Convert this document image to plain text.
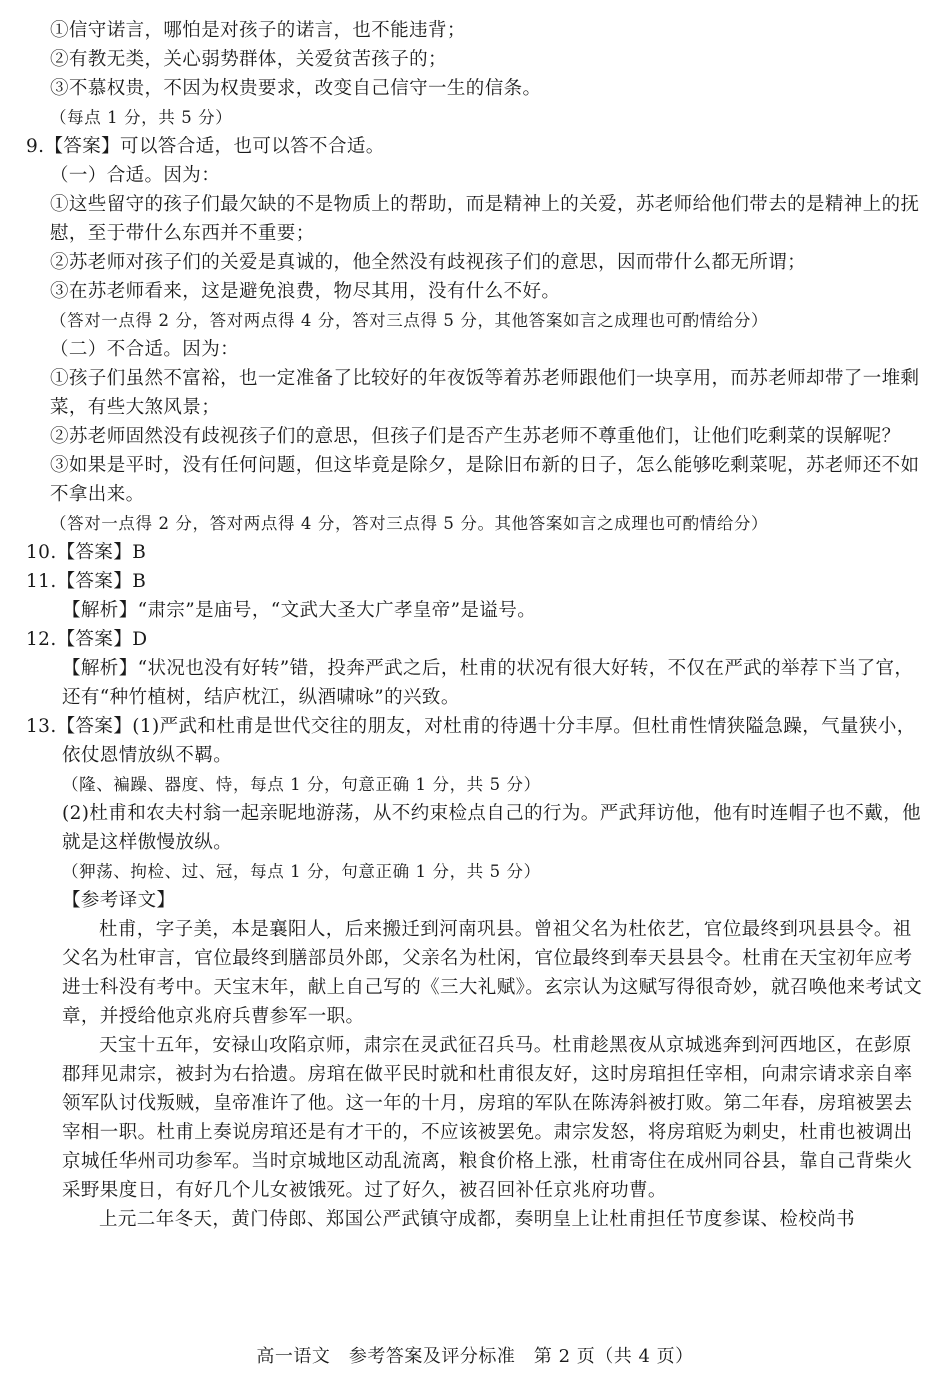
①信守诺言，哪怕是对孩子的诺言，也不能违背；

②有教无类，关心弱势群体，关爱贫苦孩子的；

③不慕权贵，不因为权贵要求，改变自己信守一生的信条。

（每点 1 分，共 5 分）

9.【答案】可以答合适，也可以答不合适。

（一）合适。因为：

①这些留守的孩子们最欠缺的不是物质上的帮助，而是精神上的关爱，苏老师给他们带去的是精神上的抚慰，至于带什么东西并不重要；

②苏老师对孩子们的关爱是真诚的，他全然没有歧视孩子们的意思，因而带什么都无所谓；

③在苏老师看来，这是避免浪费，物尽其用，没有什么不好。

（答对一点得 2 分，答对两点得 4 分，答对三点得 5 分，其他答案如言之成理也可酌情给分）

（二）不合适。因为：

①孩子们虽然不富裕，也一定准备了比较好的年夜饭等着苏老师跟他们一块享用，而苏老师却带了一堆剩菜，有些大煞风景；

②苏老师固然没有歧视孩子们的意思，但孩子们是否产生苏老师不尊重他们，让他们吃剩菜的误解呢？

③如果是平时，没有任何问题，但这毕竟是除夕，是除旧布新的日子，怎么能够吃剩菜呢，苏老师还不如不拿出来。

（答对一点得 2 分，答对两点得 4 分，答对三点得 5 分。其他答案如言之成理也可酌情给分）

10.【答案】B

11.【答案】B

【解析】“肃宗”是庙号，“文武大圣大广孝皇帝”是谥号。

12.【答案】D

【解析】“状况也没有好转”错，投奔严武之后，杜甫的状况有很大好转，不仅在严武的举荐下当了官，还有“种竹植树，结庐枕江，纵酒啸咏”的兴致。

13.【答案】(1)严武和杜甫是世代交往的朋友，对杜甫的待遇十分丰厚。但杜甫性情狭隘急躁，气量狭小，依仗恩情放纵不羁。

（隆、褊躁、器度、恃，每点 1 分，句意正确 1 分，共 5 分）

(2)杜甫和农夫村翁一起亲昵地游荡，从不约束检点自己的行为。严武拜访他，他有时连帽子也不戴，他就是这样傲慢放纵。

（狎荡、拘检、过、冠，每点 1 分，句意正确 1 分，共 5 分）

【参考译文】

杜甫，字子美，本是襄阳人，后来搬迁到河南巩县。曾祖父名为杜依艺，官位最终到巩县县令。祖父名为杜审言，官位最终到膳部员外郎，父亲名为杜闲，官位最终到奉天县县令。杜甫在天宝初年应考进士科没有考中。天宝末年，献上自己写的《三大礼赋》。玄宗认为这赋写得很奇妙，就召唤他来考试文章，并授给他京兆府兵曹参军一职。

天宝十五年，安禄山攻陷京师，肃宗在灵武征召兵马。杜甫趁黑夜从京城逃奔到河西地区，在彭原郡拜见肃宗，被封为右拾遗。房琯在做平民时就和杜甫很友好，这时房琯担任宰相，向肃宗请求亲自率领军队讨伐叛贼，皇帝准许了他。这一年的十月，房琯的军队在陈涛斜被打败。第二年春，房琯被罢去宰相一职。杜甫上奏说房琯还是有才干的，不应该被罢免。肃宗发怒，将房琯贬为刺史，杜甫也被调出京城任华州司功参军。当时京城地区动乱流离，粮食价格上涨，杜甫寄住在成州同谷县，靠自己背柴火采野果度日，有好几个儿女被饿死。过了好久，被召回补任京兆府功曹。

上元二年冬天，黄门侍郎、郑国公严武镇守成都，奏明皇上让杜甫担任节度参谋、检校尚书

高一语文　参考答案及评分标准　第 2 页（共 4 页）
